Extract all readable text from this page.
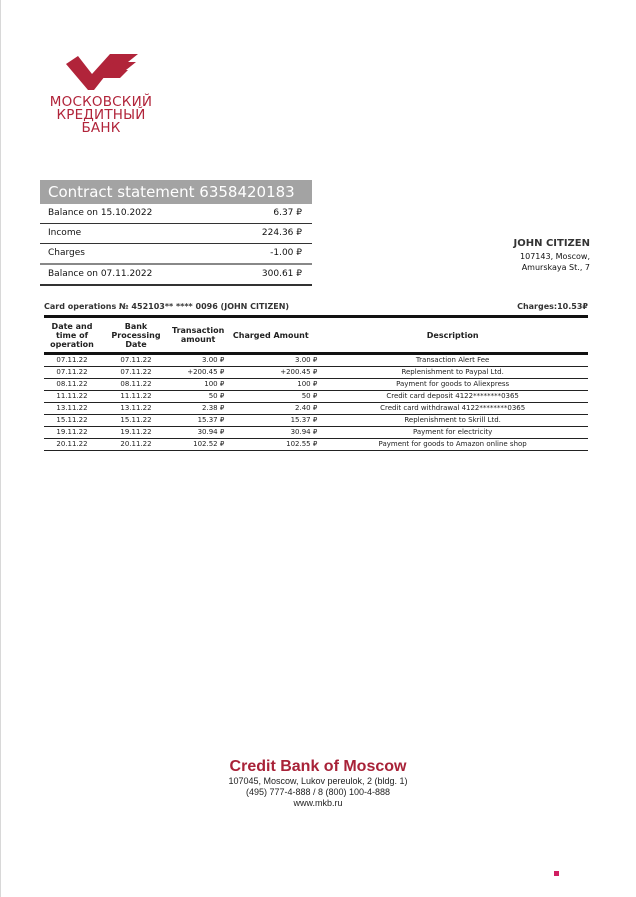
МОСКОВСКИЙ
КРЕДИТНЫЙ
БАНК
Contract statement 6358420183
Balance on 15.10.2022	6.37 ₽
Income	224.36 ₽
Charges	-1.00 ₽
Balance on 07.11.2022	300.61 ₽
JOHN CITIZEN
107143, Moscow,
Amurskaya St., 7
Card operations № 452103** **** 0096 (JOHN CITIZEN)	Charges:10.53₽
Date and time of operation	Bank Processing Date	Transaction amount	Charged Amount	Description
07.11.22	07.11.22	3.00 ₽	3.00 ₽	Transaction Alert Fee
07.11.22	07.11.22	+200.45 ₽	+200.45 ₽	Replenishment to Paypal Ltd.
08.11.22	08.11.22	100 ₽	100 ₽	Payment for goods to Aliexpress
11.11.22	11.11.22	50 ₽	50 ₽	Credit card deposit 4122********0365
13.11.22	13.11.22	2.38 ₽	2.40 ₽	Credit card withdrawal 4122********0365
15.11.22	15.11.22	15.37 ₽	15.37 ₽	Replenishment to Skrill Ltd.
19.11.22	19.11.22	30.94 ₽	30.94 ₽	Payment for electricity
20.11.22	20.11.22	102.52 ₽	102.55 ₽	Payment for goods to Amazon online shop
Credit Bank of Moscow
107045, Moscow, Lukov pereulok, 2 (bldg. 1)
(495) 777-4-888 / 8 (800) 100-4-888
www.mkb.ru
